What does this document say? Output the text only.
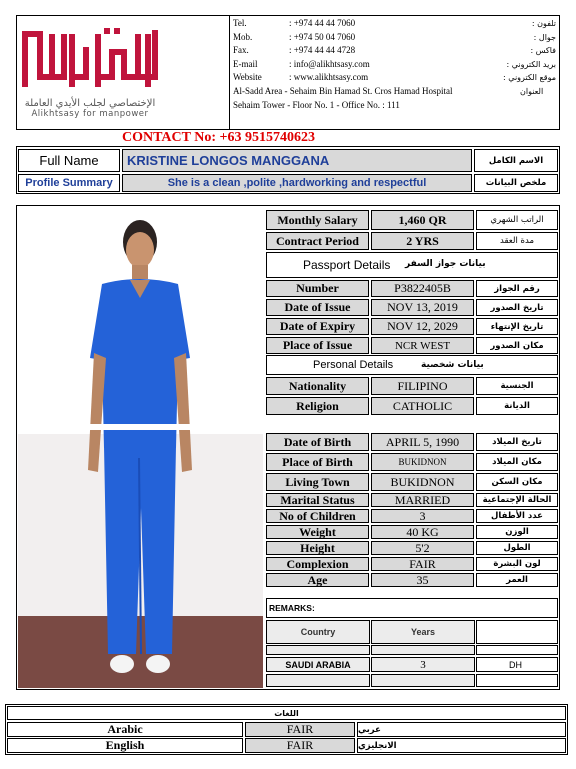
الإختصاصي لجلب الأيدي العاملة
Alikhtsasy for manpower
Tel.	: +974 44 44 7060	تلفون :
Mob.	: +974 50 04 7060	جوال :
Fax.	: +974 44 44 4728	فاكس :
E-mail	: info@alikhtsasy.com	بريد الكتروني :
Website	: www.alikhtsasy.com	موقع الكتروني :
Al-Sadd Area - Sehaim Bin Hamad St. Cros Hamad Hospital	العنوان
Sehaim Tower - Floor No. 1 - Office No. : 111
CONTACT No: +63 9515740623
Full Name	KRISTINE LONGOS MANGGANA	الاسم الكامل
Profile Summary	She is a clean ,polite ,hardworking and respectful	ملخص البيانات
Monthly Salary	1,460 QR	الراتب الشهري
Contract Period	2 YRS	مدة العقد
Passport Details بيانات جواز السفر
Number	P3822405B	رقم الجواز
Date of Issue	NOV 13, 2019	تاريخ الصدور
Date of Expiry	NOV 12, 2029	تاريخ الإنتهاء
Place of Issue	NCR WEST	مكان الصدور
Personal Details	بيانات شخصية
Nationality	FILIPINO	الجنسية
Religion	CATHOLIC	الديانة
Date of Birth	APRIL 5, 1990	تاريخ الميلاد
Place of Birth	BUKIDNON	مكان الميلاد
Living Town	BUKIDNON	مكان السكن
Marital Status	MARRIED	الحالة الإجتماعية
No of Children	3	عدد الأطفال
Weight	40 KG	الوزن
Height	5'2	الطول
Complexion	FAIR	لون البشرة
Age	35	العمر
REMARKS:
Country	Years
SAUDI ARABIA	3	DH
اللغات
Arabic	FAIR	عربي
English	FAIR	الانجليزي
